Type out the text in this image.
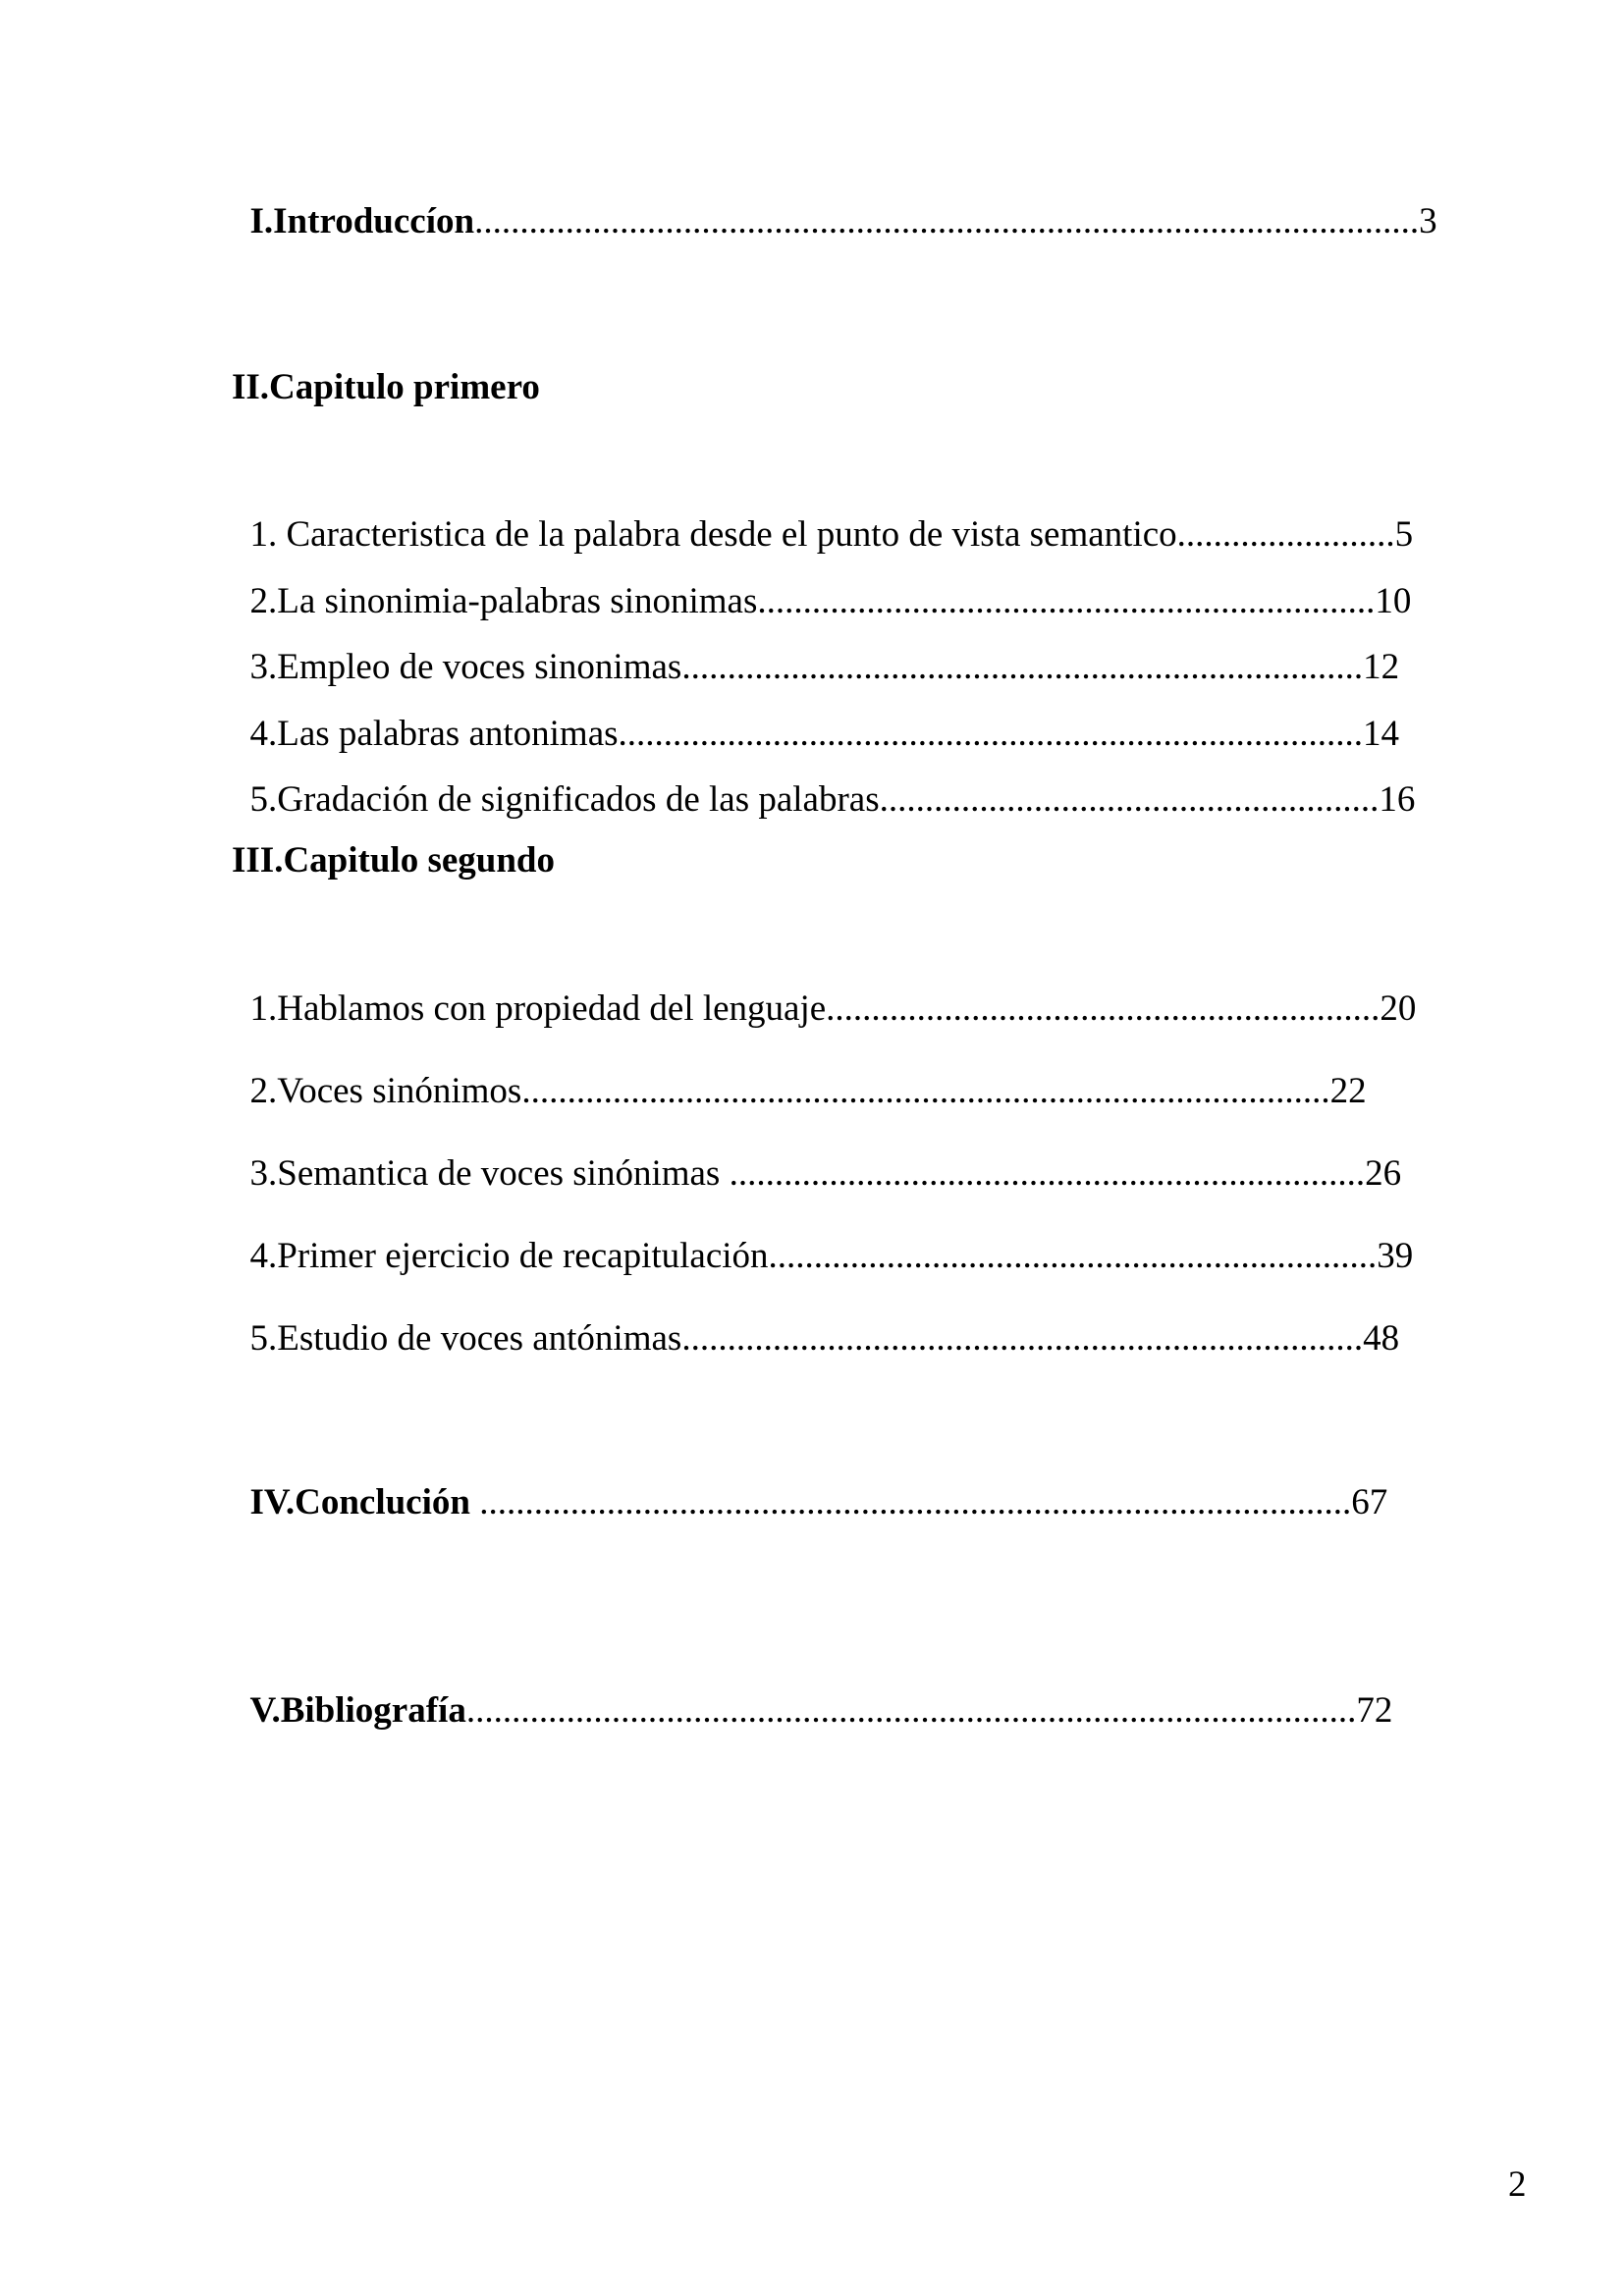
I.Introduccíon........................................................................................................3

II.Capitulo primero

1. Caracteristica de la palabra desde el punto de vista semantico........................5

2.La sinonimia-palabras sinonimas....................................................................10

3.Empleo de voces sinonimas...........................................................................12

4.Las palabras antonimas..................................................................................14

5.Gradación de significados de las palabras.......................................................16

III.Capitulo segundo

1.Hablamos con propiedad del lenguaje.............................................................20

2.Voces sinónimos.........................................................................................22

3.Semantica de voces sinónimas ......................................................................26

4.Primer ejercicio de recapitulación...................................................................39

5.Estudio de voces antónimas...........................................................................48

IV.Conclución ................................................................................................67

V.Bibliografía..................................................................................................72

2
